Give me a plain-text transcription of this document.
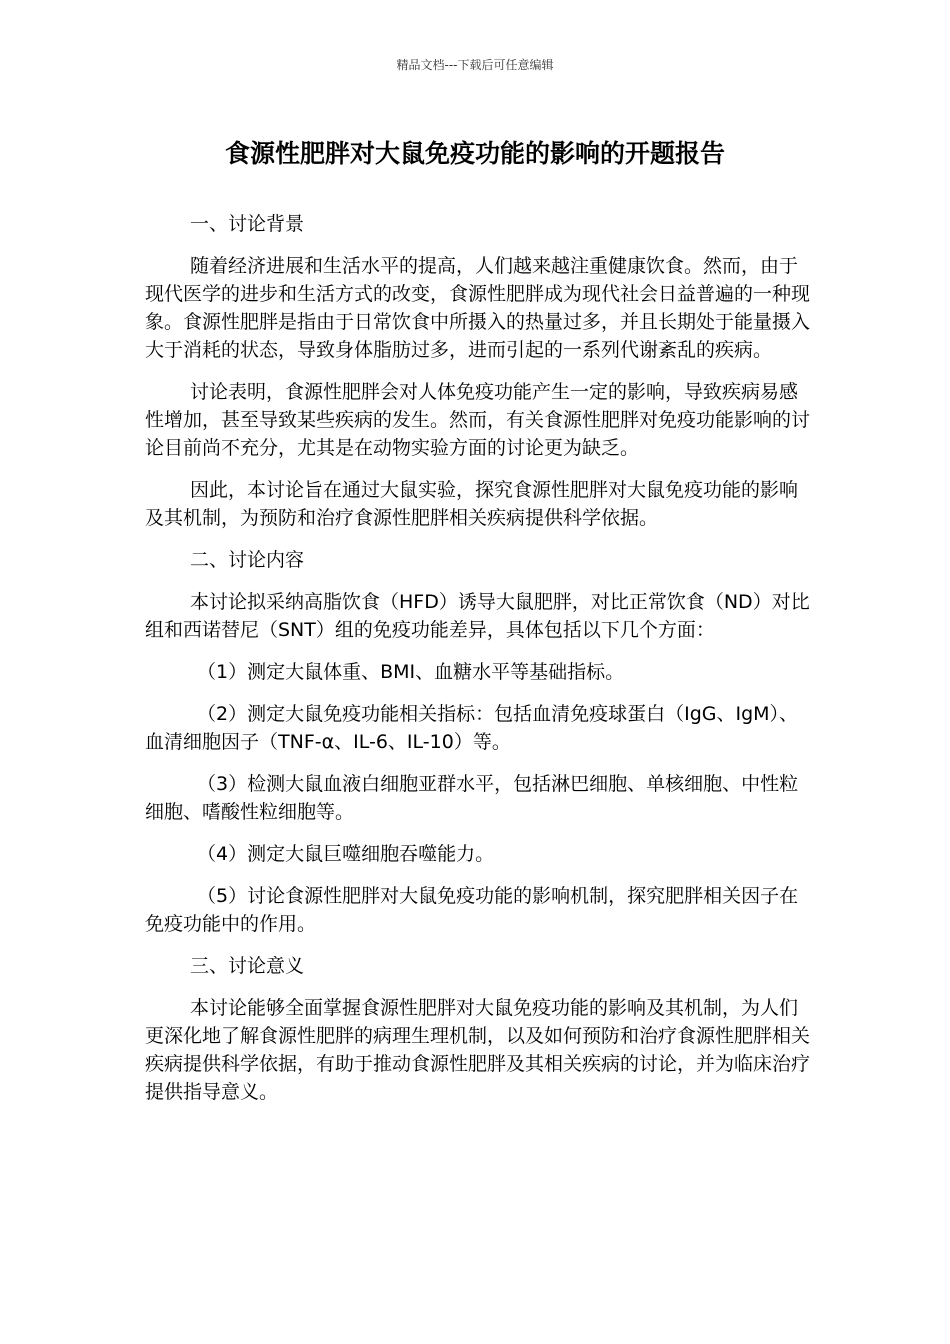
精品文档---下载后可任意编辑
食源性肥胖对大鼠免疫功能的影响的开题报告

一、讨论背景

随着经济进展和生活水平的提高，人们越来越注重健康饮食。然而，由于现代医学的进步和生活方式的改变，食源性肥胖成为现代社会日益普遍的一种现象。食源性肥胖是指由于日常饮食中所摄入的热量过多，并且长期处于能量摄入大于消耗的状态，导致身体脂肪过多，进而引起的一系列代谢紊乱的疾病。

讨论表明，食源性肥胖会对人体免疫功能产生一定的影响，导致疾病易感性增加，甚至导致某些疾病的发生。然而，有关食源性肥胖对免疫功能影响的讨论目前尚不充分，尤其是在动物实验方面的讨论更为缺乏。

因此，本讨论旨在通过大鼠实验，探究食源性肥胖对大鼠免疫功能的影响及其机制，为预防和治疗食源性肥胖相关疾病提供科学依据。

二、讨论内容

本讨论拟采纳高脂饮食（HFD）诱导大鼠肥胖，对比正常饮食（ND）对比组和西诺替尼（SNT）组的免疫功能差异，具体包括以下几个方面：

（1）测定大鼠体重、BMI、血糖水平等基础指标。

（2）测定大鼠免疫功能相关指标：包括血清免疫球蛋白（IgG、IgM）、血清细胞因子（TNF-α、IL-6、IL-10）等。

（3）检测大鼠血液白细胞亚群水平，包括淋巴细胞、单核细胞、中性粒细胞、嗜酸性粒细胞等。

（4）测定大鼠巨噬细胞吞噬能力。

（5）讨论食源性肥胖对大鼠免疫功能的影响机制，探究肥胖相关因子在免疫功能中的作用。

三、讨论意义

本讨论能够全面掌握食源性肥胖对大鼠免疫功能的影响及其机制，为人们更深化地了解食源性肥胖的病理生理机制，以及如何预防和治疗食源性肥胖相关疾病提供科学依据，有助于推动食源性肥胖及其相关疾病的讨论，并为临床治疗提供指导意义。
